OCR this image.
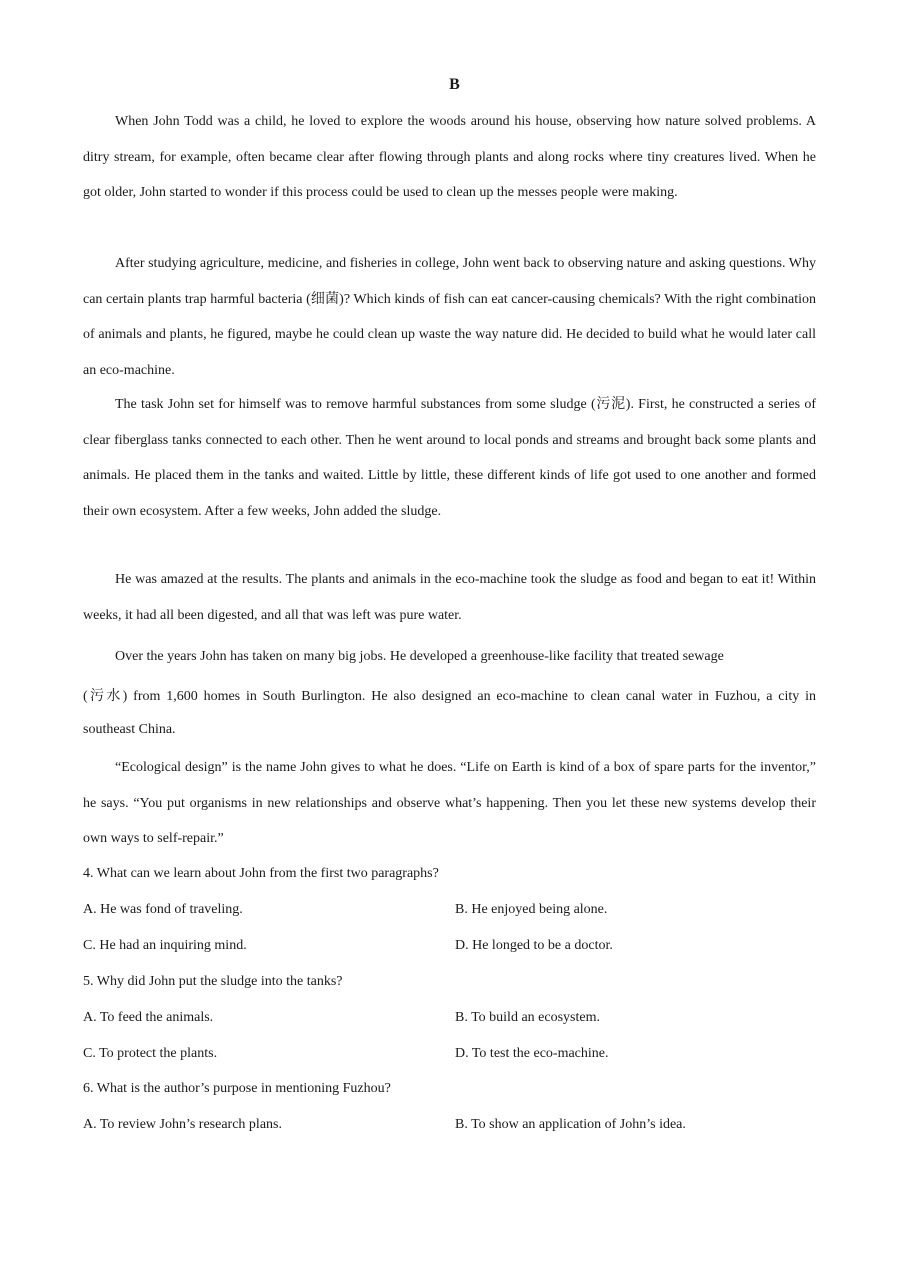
B

When John Todd was a child, he loved to explore the woods around his house, observing how nature solved problems. A ditry stream, for example, often became clear after flowing through plants and along rocks where tiny creatures lived. When he got older, John started to wonder if this process could be used to clean up the messes people were making.

After studying agriculture, medicine, and fisheries in college, John went back to observing nature and asking questions. Why can certain plants trap harmful bacteria (细菌)? Which kinds of fish can eat cancer-causing chemicals? With the right combination of animals and plants, he figured, maybe he could clean up waste the way nature did. He decided to build what he would later call an eco-machine.

The task John set for himself was to remove harmful substances from some sludge (污泥). First, he constructed a series of clear fiberglass tanks connected to each other. Then he went around to local ponds and streams and brought back some plants and animals. He placed them in the tanks and waited. Little by little, these different kinds of life got used to one another and formed their own ecosystem. After a few weeks, John added the sludge.

He was amazed at the results. The plants and animals in the eco-machine took the sludge as food and began to eat it! Within weeks, it had all been digested, and all that was left was pure water.

Over the years John has taken on many big jobs. He developed a greenhouse-like facility that treated sewage
(污水) from 1,600 homes in South Burlington. He also designed an eco-machine to clean canal water in Fuzhou, a city in southeast China.

“Ecological design” is the name John gives to what he does. “Life on Earth is kind of a box of spare parts for the inventor,” he says. “You put organisms in new relationships and observe what’s happening. Then you let these new systems develop their own ways to self-repair.”

4. What can we learn about John from the first two paragraphs?

A. He was fond of traveling.	B. He enjoyed being alone.

C. He had an inquiring mind.	D. He longed to be a doctor.

5. Why did John put the sludge into the tanks?

A. To feed the animals.	B. To build an ecosystem.

C. To protect the plants.	D. To test the eco-machine.

6. What is the author’s purpose in mentioning Fuzhou?

A. To review John’s research plans.	B. To show an application of John’s idea.
